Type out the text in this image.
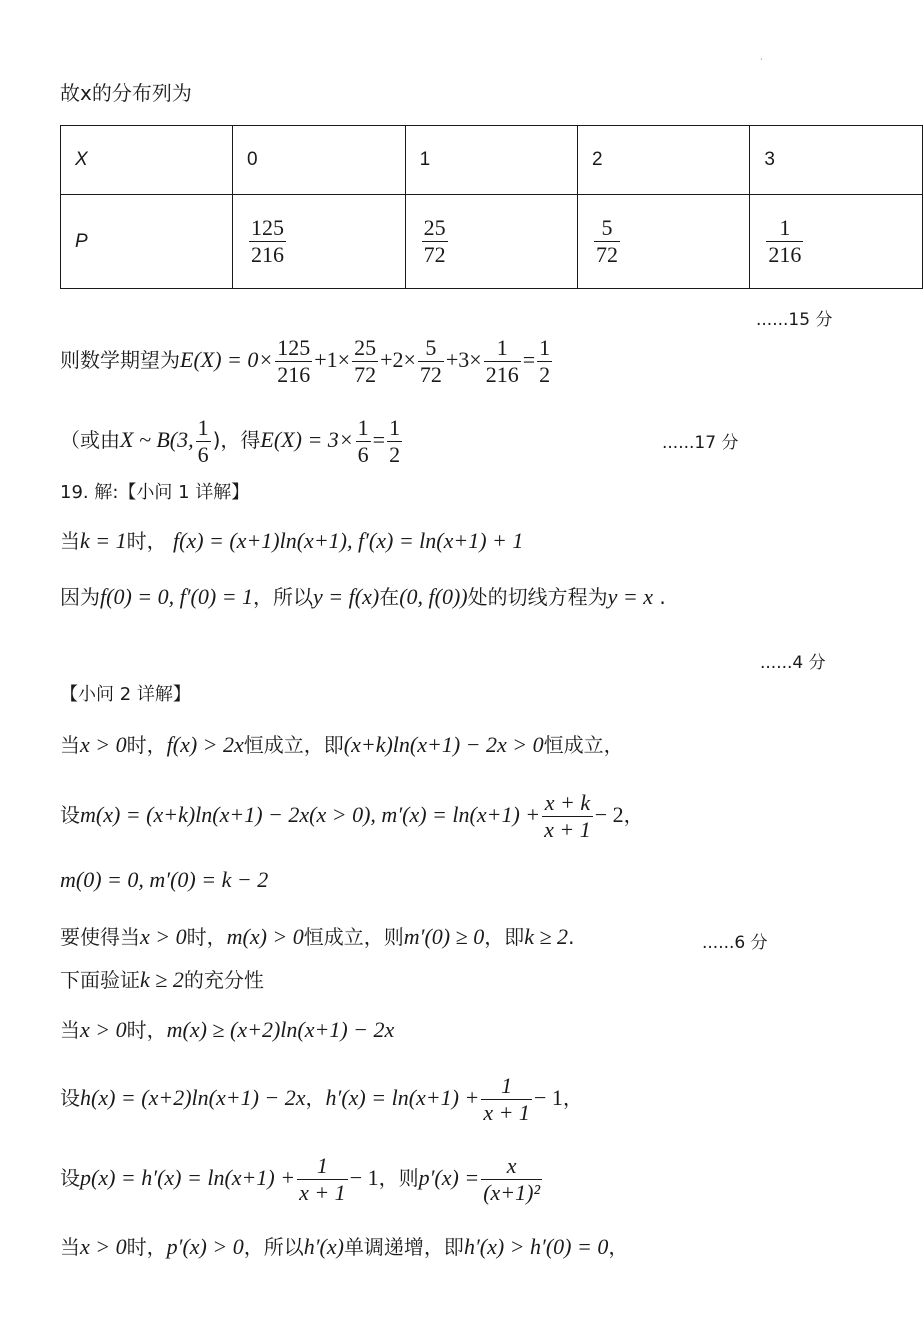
·
故x的分布列为
X	0	1	2	3
P	$\frac{125}{216}$	$\frac{25}{72}$	$\frac{5}{72}$	$\frac{1}{216}$
......15 分
则数学期望为$E(X) = 0\times \frac{125}{216} +1\times \frac{25}{72} +2\times \frac{5}{72} +3\times \frac{1}{216} = \frac{1}{2}$
（或由X ~ B(3, $\frac{1}{6}$ )，得$E(X) = 3\times \frac{1}{6} = \frac{1}{2}$	......17 分
19. 解:【小问 1 详解】
当k = 1时， f(x) = (x+1)ln(x+1), f′(x) = ln(x+1) + 1
因为f(0) = 0, f′(0) = 1，所以y = f(x)在(0, f(0))处的切线方程为y = x .
......4 分
【小问 2 详解】
当x > 0时，f(x) > 2x恒成立，即(x+k)ln(x+1) − 2x > 0恒成立，
设m(x) = (x+k)ln(x+1) − 2x(x > 0), $m'(x) = \ln(x+1) + \frac{x + k}{x + 1} - 2$，
m(0) = 0, m′(0) = k − 2
要使得当x > 0时，m(x) > 0恒成立，则m′(0) ≥ 0，即k ≥ 2.	......6 分
下面验证k ≥ 2的充分性
当x > 0时，m(x) ≥ (x+2)ln(x+1) − 2x
设h(x) = (x+2)ln(x+1) − 2x，$h'(x) = \ln(x+1) + \frac{1}{x + 1} - 1$，
设$p(x) = h'(x) = \ln(x+1) + \frac{1}{x + 1} - 1$，则$p'(x) = \frac{x}{\text{(x+1)²}}$
当x > 0时，p′(x) > 0，所以h′(x)单调递增，即h′(x) > h′(0) = 0，
